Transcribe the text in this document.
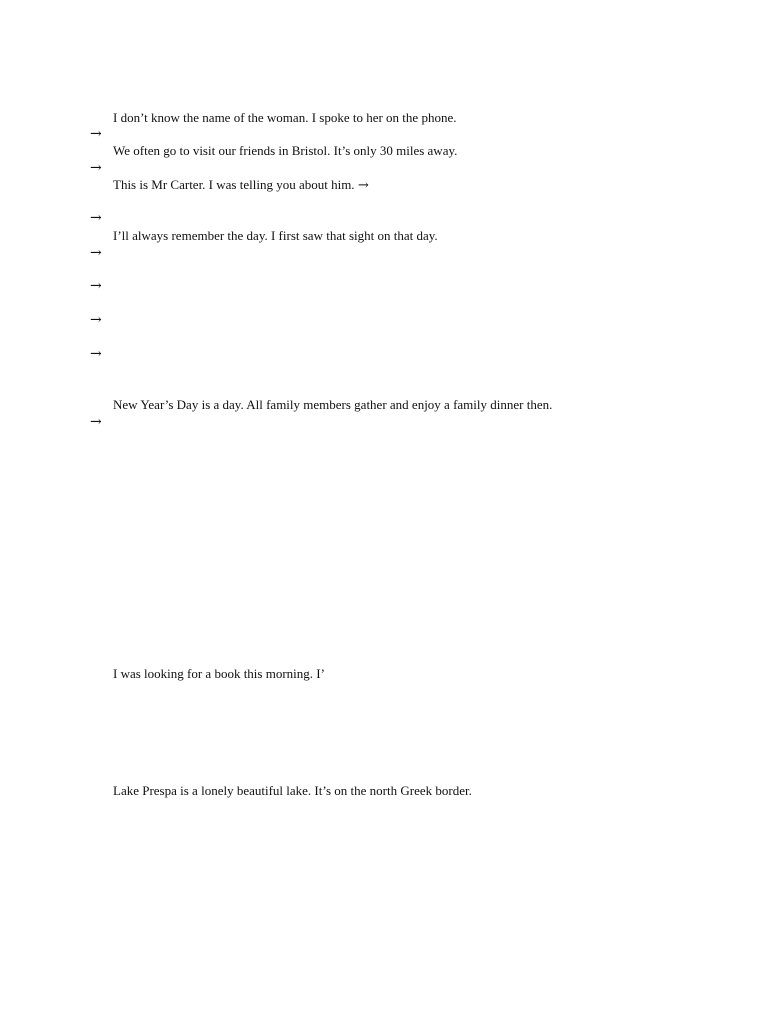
I don’t know the name of the woman. I spoke to her on the phone.
→
We often go to visit our friends in Bristol. It’s only 30 miles away.
→
This is Mr Carter. I was telling you about him. →
→
I’ll always remember the day. I first saw that sight on that day.
→
→
→
→
New Year’s Day is a day. All family members gather and enjoy a family dinner then.
→
I was looking for a book this morning. I’
Lake Prespa is a lonely beautiful lake. It’s on the north Greek border.
